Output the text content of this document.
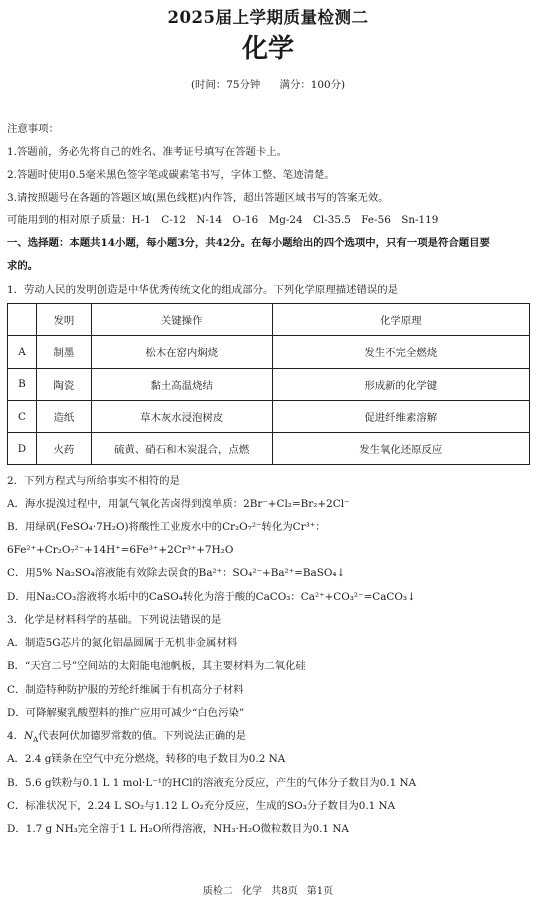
2025届上学期质量检测二
化学
(时间：75分钟 满分：100分)
注意事项：
1.答题前，务必先将自己的姓名、准考证号填写在答题卡上。
2.答题时使用0.5毫米黑色签字笔或碳素笔书写，字体工整、笔迹清楚。
3.请按照题号在各题的答题区域(黑色线框)内作答，超出答题区域书写的答案无效。
可能用到的相对原子质量：H-1　C-12　N-14　O-16　Mg-24　Cl-35.5　Fe-56　Sn-119
一、选择题：本题共14小题，每小题3分，共42分。在每小题给出的四个选项中，只有一项是符合题目要
求的。
1．劳动人民的发明创造是中华优秀传统文化的组成部分。下列化学原理描述错误的是
	发明	关键操作	化学原理
A	制墨	松木在窑内焖烧	发生不完全燃烧
B	陶瓷	黏土高温烧结	形成新的化学键
C	造纸	草木灰水浸泡树皮	促进纤维素溶解
D	火药	硫黄、硝石和木炭混合，点燃	发生氧化还原反应
2．下列方程式与所给事实不相符的是
A．海水提溴过程中，用氯气氧化苦卤得到溴单质：2Br⁻+Cl₂=Br₂+2Cl⁻
B．用绿矾(FeSO₄·7H₂O)将酸性工业废水中的Cr₂O₇²⁻转化为Cr³⁺：
6Fe²⁺+Cr₂O₇²⁻+14H⁺=6Fe³⁺+2Cr³⁺+7H₂O
C．用5% Na₂SO₄溶液能有效除去误食的Ba²⁺：SO₄²⁻+Ba²⁺=BaSO₄↓
D．用Na₂CO₃溶液将水垢中的CaSO₄转化为溶于酸的CaCO₃：Ca²⁺+CO₃²⁻=CaCO₃↓
3．化学是材料科学的基础。下列说法错误的是
A．制造5G芯片的氮化铝晶圆属于无机非金属材料
B．“天宫二号”空间站的太阳能电池帆板，其主要材料为二氧化硅
C．制造特种防护服的芳纶纤维属于有机高分子材料
D．可降解聚乳酸塑料的推广应用可减少“白色污染”
4．$N_A$代表阿伏加德罗常数的值。下列说法正确的是
A．2.4 g镁条在空气中充分燃烧，转移的电子数目为0.2 NA
B．5.6 g铁粉与0.1 L 1 mol·L⁻¹的HCl的溶液充分反应，产生的气体分子数目为0.1 NA
C．标准状况下，2.24 L SO₂与1.12 L O₂充分反应，生成的SO₃分子数目为0.1 NA
D．1.7 g NH₃完全溶于1 L H₂O所得溶液，NH₃·H₂O微粒数目为0.1 NA
质检二 化学 共8页 第1页
